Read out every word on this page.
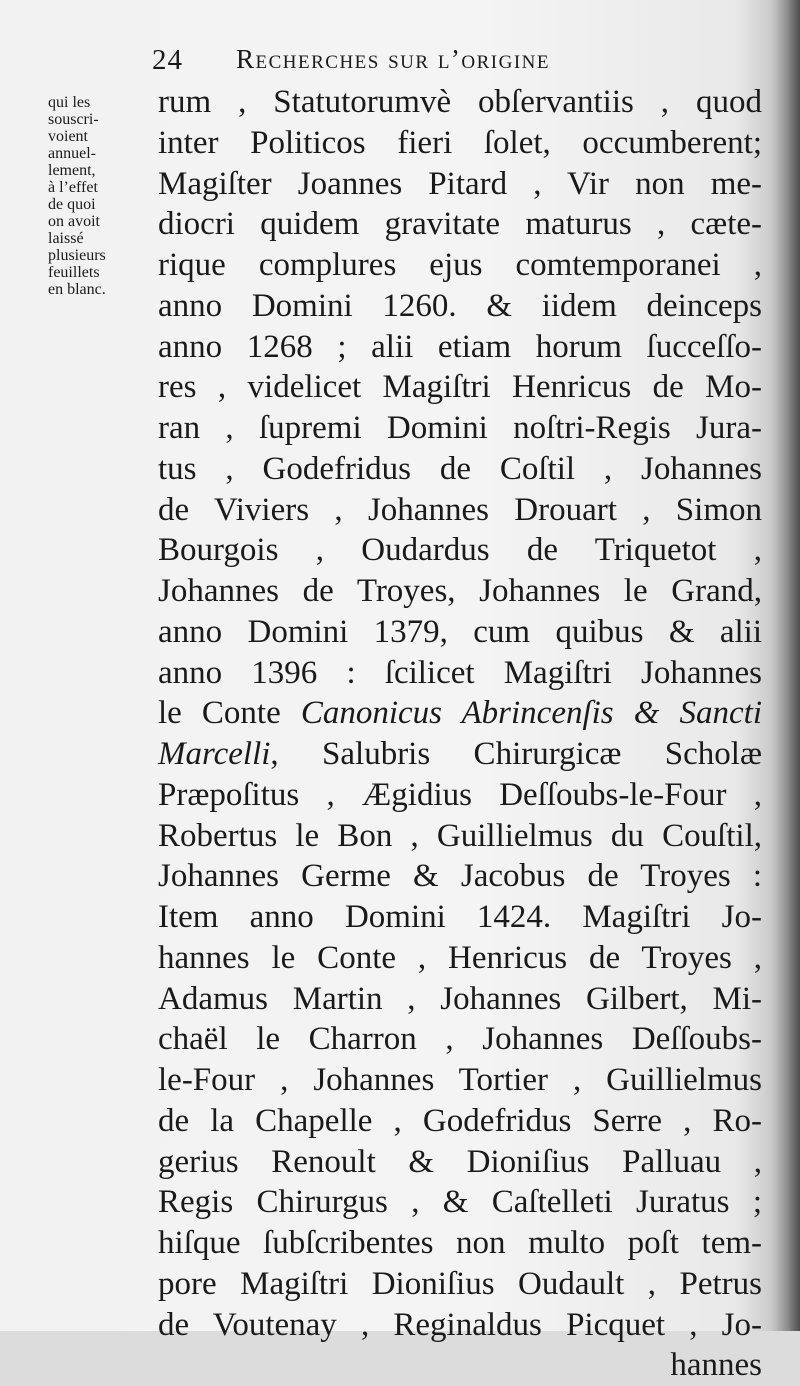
24 Recherches sur l’origine
qui les
souscri-
voient
annuel-
lement,
à l’effet
de quoi
on avoit
laissé
plusieurs
feuillets
en blanc.
rum , Statutorumvè obſervantiis , quod
inter Politicos fieri ſolet, occumberent;
Magiſter Joannes Pitard , Vir non me-
diocri quidem gravitate maturus , cæte-
rique complures ejus comtemporanei ,
anno Domini 1260. & iidem deinceps
anno 1268 ; alii etiam horum ſucceſſo-
res , videlicet Magiſtri Henricus de Mo-
ran , ſupremi Domini noſtri-Regis Jura-
tus , Godefridus de Coſtil , Johannes
de Viviers , Johannes Drouart , Simon
Bourgois , Oudardus de Triquetot ,
Johannes de Troyes, Johannes le Grand,
anno Domini 1379, cum quibus & alii
anno 1396 : ſcilicet Magiſtri Johannes
le Conte Canonicus Abrincenſis & Sancti
Marcelli, Salubris Chirurgicæ Scholæ
Præpoſitus , Ægidius Deſſoubs-le-Four ,
Robertus le Bon , Guillielmus du Couſtil,
Johannes Germe & Jacobus de Troyes :
Item anno Domini 1424. Magiſtri Jo-
hannes le Conte , Henricus de Troyes ,
Adamus Martin , Johannes Gilbert, Mi-
chaël le Charron , Johannes Deſſoubs-
le-Four , Johannes Tortier , Guillielmus
de la Chapelle , Godefridus Serre , Ro-
gerius Renoult & Dioniſius Palluau ,
Regis Chirurgus , & Caſtelleti Juratus ;
hiſque ſubſcribentes non multo poſt tem-
pore Magiſtri Dioniſius Oudault , Petrus
de Voutenay , Reginaldus Picquet , Jo-
hannes
